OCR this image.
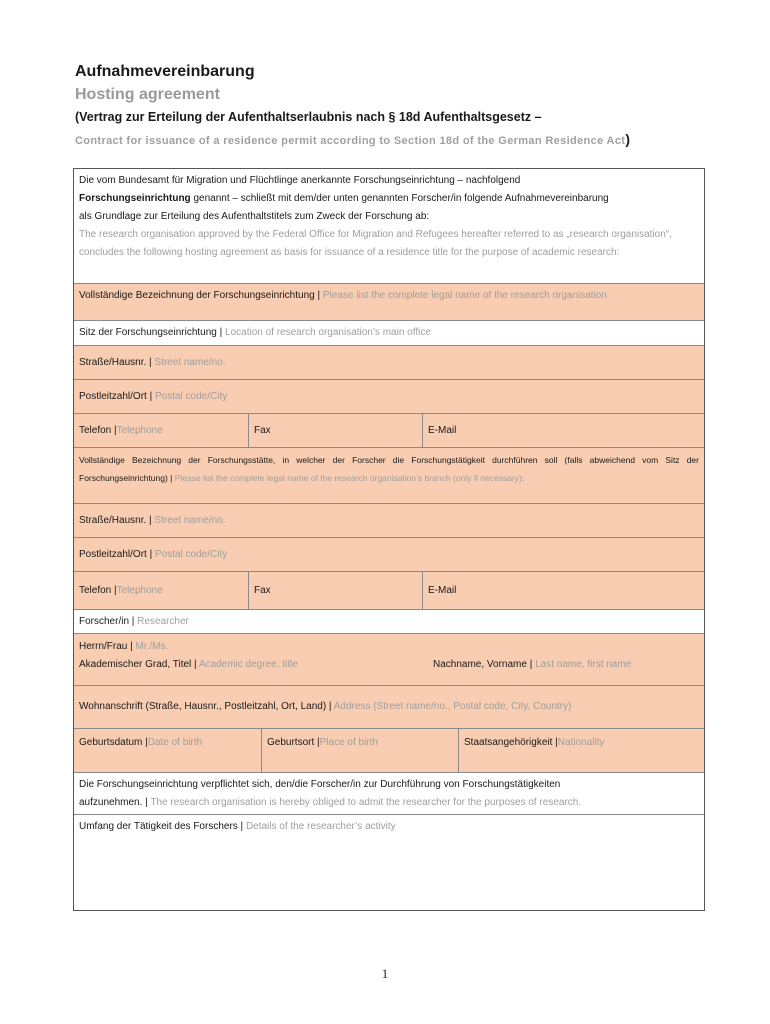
Aufnahmevereinbarung
Hosting agreement
(Vertrag zur Erteilung der Aufenthaltserlaubnis nach § 18d Aufenthaltsgesetz –
Contract for issuance of a residence permit according to Section 18d of the German Residence Act)
Die vom Bundesamt für Migration und Flüchtlinge anerkannte Forschungseinrichtung – nachfolgend
Forschungseinrichtung genannt – schließt mit dem/der unten genannten Forscher/in folgende Aufnahmevereinbarung
als Grundlage zur Erteilung des Aufenthaltstitels zum Zweck der Forschung ab:
The research organisation approved by the Federal Office for Migration and Refugees hereafter referred to as „research organisation“, concludes the following hosting agreement as basis for issuance of a residence title for the purpose of academic research:
Vollständige Bezeichnung der Forschungseinrichtung | Please list the complete legal name of the research organisation
Sitz der Forschungseinrichtung | Location of research organisation’s main office
Straße/Hausnr. | Street name/no.
Postleitzahl/Ort | Postal code/City
Telefon | Telephone	Fax	E-Mail
Vollständige Bezeichnung der Forschungsstätte, in welcher der Forscher die Forschungstätigkeit durchführen soll (falls abweichend vom Sitz der Forschungseinrichtung) | Please list the complete legal name of the research organisation’s branch (only if necessary):
Straße/Hausnr. | Street name/no.
Postleitzahl/Ort | Postal code/City
Telefon | Telephone	Fax	E-Mail
Forscher/in | Researcher
Herrn/Frau | Mr./Ms.
Akademischer Grad, Titel | Academic degree, title	Nachname, Vorname | Last name, first name
Wohnanschrift (Straße, Hausnr., Postleitzahl, Ort, Land) | Address (Street name/no., Postal code, City, Country)
Geburtsdatum | Date of birth	Geburtsort | Place of birth	Staatsangehörigkeit | Nationality
Die Forschungseinrichtung verpflichtet sich, den/die Forscher/in zur Durchführung von Forschungstätigkeiten
aufzunehmen. | The research organisation is hereby obliged to admit the researcher for the purposes of research.
Umfang der Tätigkeit des Forschers | Details of the researcher’s activity
1
